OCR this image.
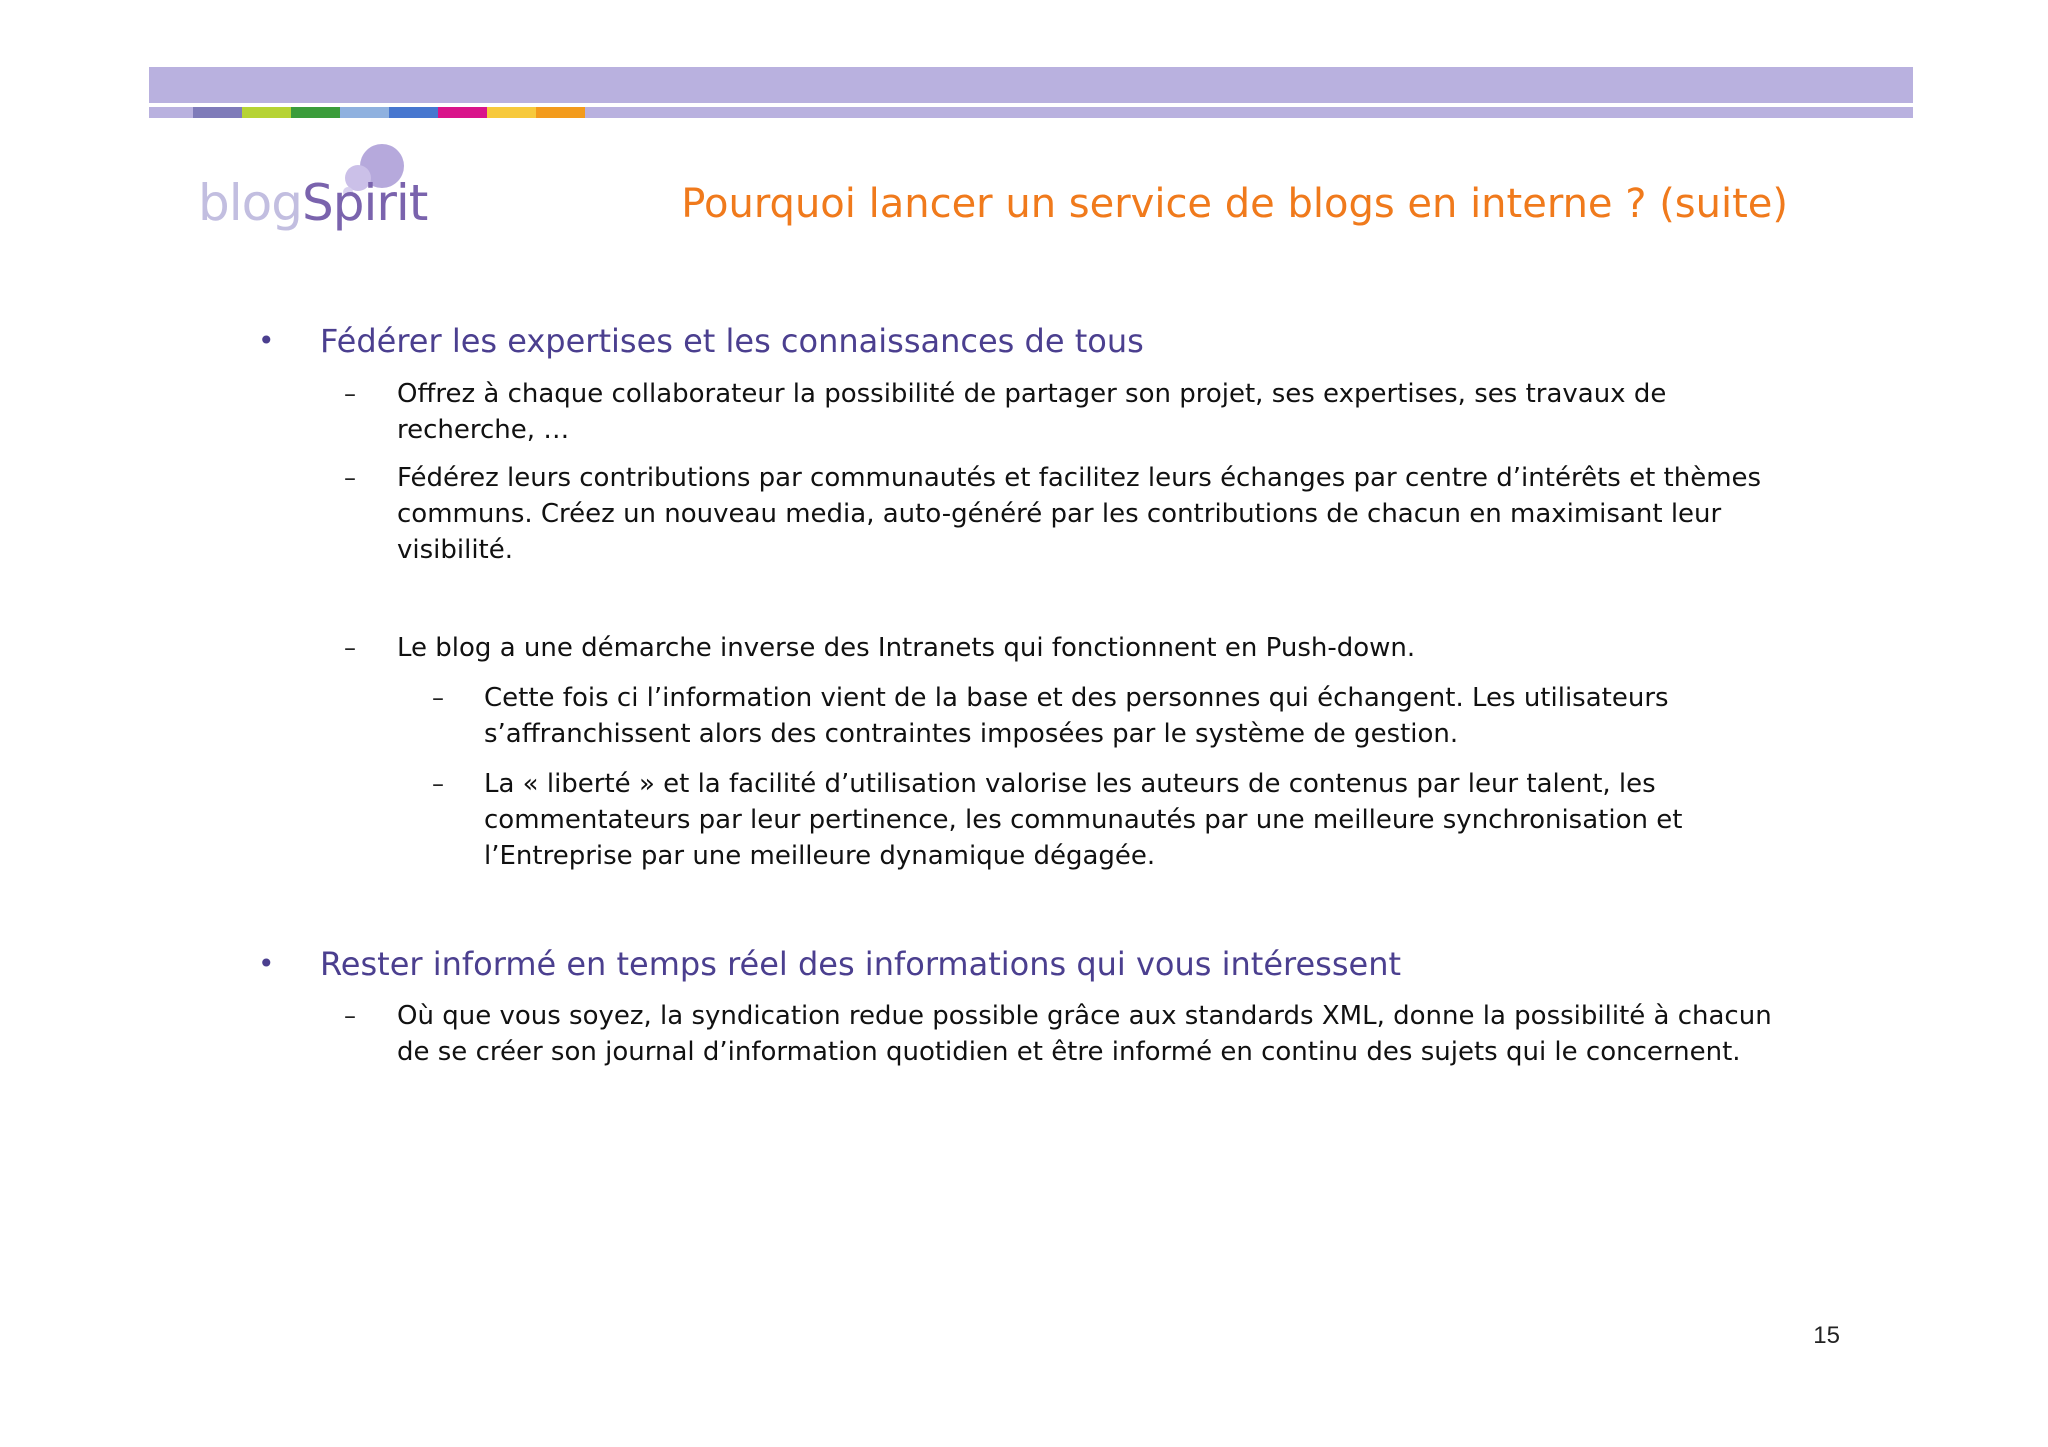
blogSpirit	Pourquoi lancer un service de blogs en interne ? (suite)
• Fédérer les expertises et les connaissances de tous
– Offrez à chaque collaborateur la possibilité de partager son projet, ses expertises, ses travaux de recherche, …
– Fédérez leurs contributions par communautés et facilitez leurs échanges par centre d’intérêts et thèmes communs. Créez un nouveau media, auto-généré par les contributions de chacun en maximisant leur visibilité.
– Le blog a une démarche inverse des Intranets qui fonctionnent en Push-down.
– Cette fois ci l’information vient de la base et des personnes qui échangent. Les utilisateurs s’affranchissent alors des contraintes imposées par le système de gestion.
– La « liberté » et la facilité d’utilisation valorise les auteurs de contenus par leur talent, les commentateurs par leur pertinence, les communautés par une meilleure synchronisation et l’Entreprise par une meilleure dynamique dégagée.
• Rester informé en temps réel des informations qui vous intéressent
– Où que vous soyez, la syndication redue possible grâce aux standards XML, donne la possibilité à chacun de se créer son journal d’information quotidien et être informé en continu des sujets qui le concernent.
15
